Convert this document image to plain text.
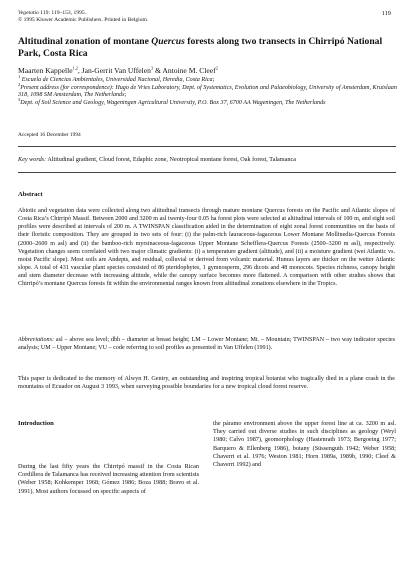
Vegetatio 119: 119–153, 1995.
© 1995 Kluwer Academic Publishers. Printed in Belgium.
119
Altitudinal zonation of montane Quercus forests along two transects in Chirripó National Park, Costa Rica
Maarten Kappelle$^{1,2}$, Jan-Gerrit Van Uffelen$^3$ & Antoine M. Cleef$^2$
$^1$ Escuela de Ciencias Ambientales, Universidad Nacional, Heredia, Costa Rica;
$^2$Present address (for correspondence): Hugo de Vries Laboratory, Dept. of Systematics, Evolution and Palaeobiology, University of Amsterdam, Kruislaan 318, 1098 SM Amsterdam, The Netherlands;
$^3$Dept. of Soil Science and Geology, Wageningen Agricultural University, P.O. Box 37, 6700 AA Wageningen, The Netherlands
Accepted 16 December 1994
Key words: Altitudinal gradient, Cloud forest, Edaphic zone, Neotropical montane forest, Oak forest, Talamanca
Abstract
Abiotic and vegetation data were collected along two altitudinal transects through mature montane Quercus forests on the Pacific and Atlantic slopes of Costa Rica’s Chirripó Massif. Between 2000 and 3200 m asl twenty-four 0.05 ha forest plots were selected at altitudinal intervals of 100 m, and eight soil profiles were described at intervals of 200 m. A TWINSPAN classification aided in the determination of eight zonal forest communities on the basis of their floristic composition. They are grouped in two sets of four: (i) the palm-rich lauraceous-fagaceous Lower Montane Mollinedia-Quercus Forests (2000–2600 m asl) and (ii) the bamboo-rich myrsinaceous-fagaceous Upper Montane Schefflera-Quercus Forests (2500–3200 m asl), respectively. Vegetation changes seem correlated with two major climatic gradients: (i) a temperature gradient (altitude), and (ii) a moisture gradient (wet Atlantic vs. moist Pacific slope). Most soils are Andepts, and residual, colluvial or derived from volcanic material. Humus layers are thicker on the wetter Atlantic slope. A total of 431 vascular plant species consisted of 86 pteridophytes, 1 gymnosperm, 296 dicots and 48 monocots. Species richness, canopy height and stem diameter decrease with increasing altitude, while the canopy surface becomes more flattened. A comparison with other studies shows that Chirripó’s montane Quercus forests fit within the environmental ranges known from altitudinal zonations elsewhere in the Tropics.
Abbreviations: asl – above sea level; dbh – diameter at breast height; LM – Lower Montane; Mt. – Mountain; TWINSPAN – two way indicator species analysis; UM – Upper Montane; VU – code referring to soil profiles as presented in Van Uffelen (1991).
This paper is dedicated to the memory of Alwyn H. Gentry, an outstanding and inspiring tropical botanist who tragically died in a plane crash in the mountains of Ecuador on August 3 1993, when surveying possible boundaries for a new tropical cloud forest reserve.
Introduction
During the last fifty years the Chirripó massif in the Costa Rican Cordillera de Talamanca has received increasing attention from scientists (Weber 1958; Kohkemper 1968; Gómez 1986; Boza 1988; Bravo et al. 1991). Most authors focussed on specific aspects of
the páramo environment above the upper forest line at ca. 3200 m asl. They carried out diverse studies in such disciplines as geology (Weyl 1980; Calvo 1987), geomorphology (Hastenrath 1973; Bergoeing 1977; Barquero & Ellenberg 1986), botany (Süssenguth 1942; Weber 1958; Chaverri et al. 1976; Weston 1981; Horn 1989a, 1989b, 1990; Cleef & Chaverri 1992) and
